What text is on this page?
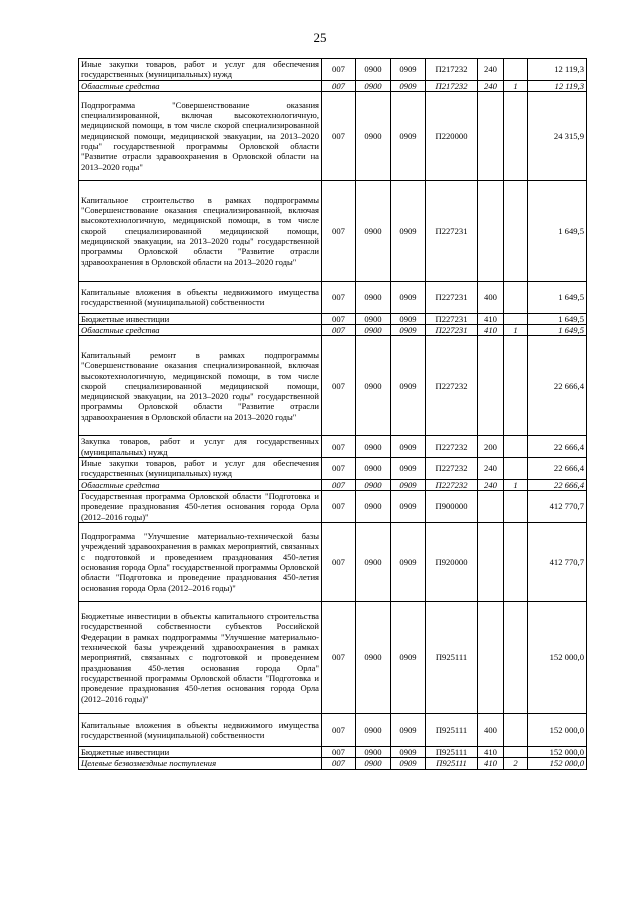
25
Иные закупки товаров, работ и услуг для обеспечения государственных (муниципальных) нужд	007	0900	0909	П217232	240		12 119,3
Областные средства	007	0900	0909	П217232	240	1	12 119,3
Подпрограмма "Совершенствование оказания специализированной, включая высокотехнологичную, медицинской помощи, в том числе скорой специализированной медицинской помощи, медицинской эвакуации, на 2013–2020 годы" государственной программы Орловской области "Развитие отрасли здравоохранения в Орловской области на 2013–2020 годы"	007	0900	0909	П220000			24 315,9
Капитальное строительство в рамках подпрограммы "Совершенствование оказания специализированной, включая высокотехнологичную, медицинской помощи, в том числе скорой специализированной медицинской помощи, медицинской эвакуации, на 2013–2020 годы" государственной программы Орловской области "Развитие отрасли здравоохранения в Орловской области на 2013–2020 годы"	007	0900	0909	П227231			1 649,5
Капитальные вложения в объекты недвижимого имущества государственной (муниципальной) собственности	007	0900	0909	П227231	400		1 649,5
Бюджетные инвестиции	007	0900	0909	П227231	410		1 649,5
Областные средства	007	0900	0909	П227231	410	1	1 649,5
Капитальный ремонт в рамках подпрограммы "Совершенствование оказания специализированной, включая высокотехнологичную, медицинской помощи, в том числе скорой специализированной медицинской помощи, медицинской эвакуации, на 2013–2020 годы" государственной программы Орловской области "Развитие отрасли здравоохранения в Орловской области на 2013–2020 годы"	007	0900	0909	П227232			22 666,4
Закупка товаров, работ и услуг для государственных (муниципальных) нужд	007	0900	0909	П227232	200		22 666,4
Иные закупки товаров, работ и услуг для обеспечения государственных (муниципальных) нужд	007	0900	0909	П227232	240		22 666,4
Областные средства	007	0900	0909	П227232	240	1	22 666,4
Государственная программа Орловской области "Подготовка и проведение празднования 450-летия основания города Орла (2012–2016 годы)"	007	0900	0909	П900000			412 770,7
Подпрограмма "Улучшение материально-технической базы учреждений здравоохранения в рамках мероприятий, связанных с подготовкой и проведением празднования 450-летия основания города Орла" государственной программы Орловской области "Подготовка и проведение празднования 450-летия основания города Орла (2012–2016 годы)"	007	0900	0909	П920000			412 770,7
Бюджетные инвестиции в объекты капитального строительства государственной собственности субъектов Российской Федерации в рамках подпрограммы "Улучшение материально-технической базы учреждений здравоохранения в рамках мероприятий, связанных с подготовкой и проведением празднования 450-летия основания города Орла" государственной программы Орловской области "Подготовка и проведение празднования 450-летия основания города Орла (2012–2016 годы)"	007	0900	0909	П925111			152 000,0
Капитальные вложения в объекты недвижимого имущества государственной (муниципальной) собственности	007	0900	0909	П925111	400		152 000,0
Бюджетные инвестиции	007	0900	0909	П925111	410		152 000,0
Целевые безвозмездные поступления	007	0900	0909	П925111	410	2	152 000,0
